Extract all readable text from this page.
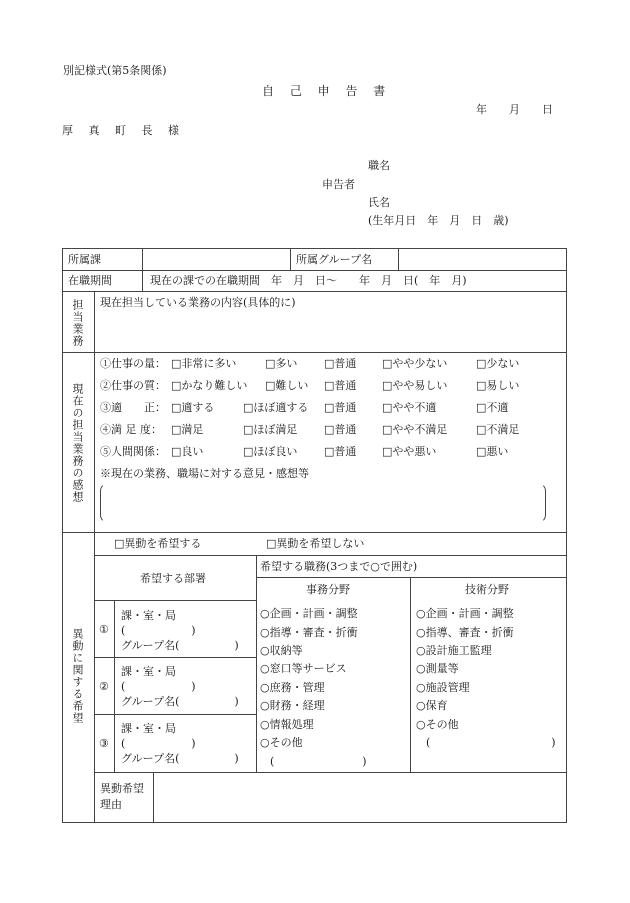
別記様式(第5条関係)
自 己 申 告 書
年　　月　　日
厚 真 町 長 様
職名
申告者
氏名
(生年月日　年　月　日　歳)
所属課	所属グループ名
在職期間	現在の課での在職期間　年　月　日～　　年　月　日(　年　月)
担当業務 現在担当している業務の内容(具体的に)
現在の担当業務の感想
①仕事の量： □非常に多い	□多い □普通 □やや少ない	□少ない
②仕事の質： □かなり難しい □難しい □普通 □やや易しい	□易しい
③適　　正： □適する	□ほぼ適する □普通 □やや不適	□不適
④満 足 度： □満足	□ほぼ満足 □普通 □やや不満足	□不満足
⑤人間関係： □良い	□ほぼ良い □普通 □やや悪い	□悪い
※現在の業務、職場に対する意見・感想等
異動に関する希望
□異動を希望する	□異動を希望しない
希望する部署
希望する職務(3つまで○で囲む)
事務分野	技術分野
①
課・室・局
(　　　　　　)
グループ名(　　　　　)
②
課・室・局
(　　　　　　)
グループ名(　　　　　)
③
課・室・局
(　　　　　　)
グループ名(　　　　　)
○企画・計画・調整
○指導・審査・折衝
○収納等
○窓口等サービス
○庶務・管理
○財務・経理
○情報処理
○その他
(　　　　　　　　)
○企画・計画・調整
○指導、審査・折衝
○設計施工監理
○測量等
○施設管理
○保育
○その他
(　　　　　　　　　　　)
異動希望
理由
